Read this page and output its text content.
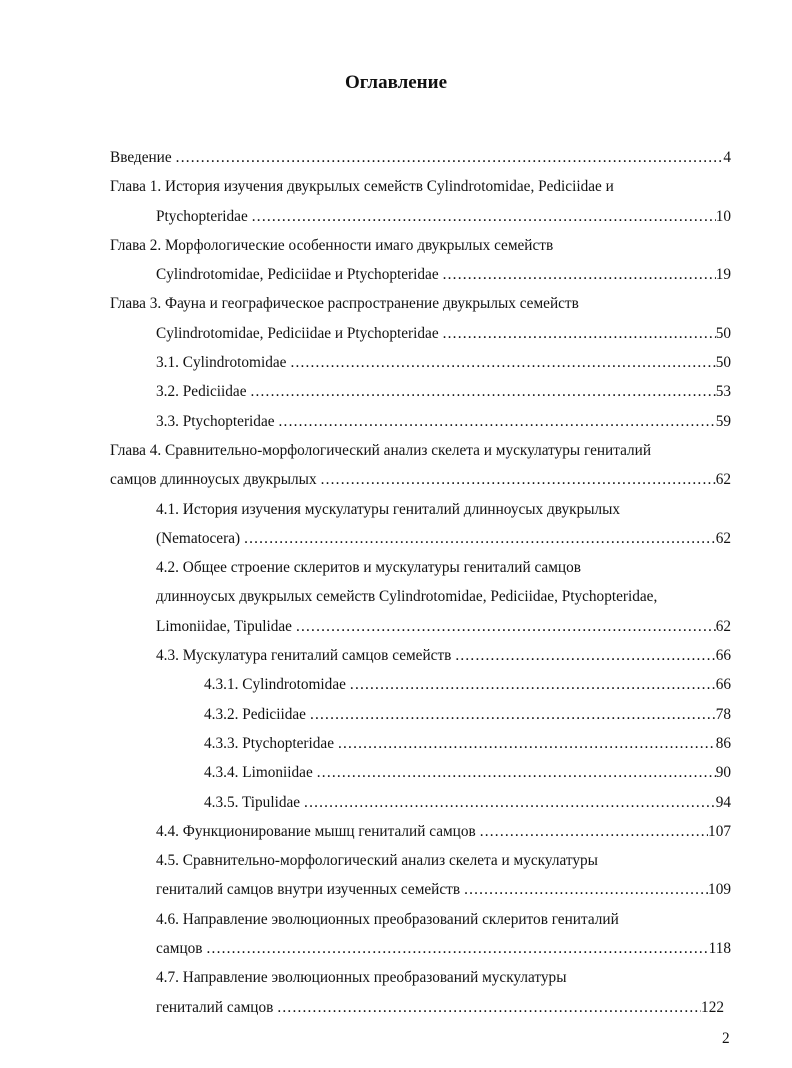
Оглавление
Введение .....	4
Глава 1. История изучения двукрылых семейств Cylindrotomidae, Pediciidae и
Ptychopteridae .....	10
Глава 2. Морфологические особенности имаго двукрылых семейств
Cylindrotomidae, Pediciidae и Ptychopteridae .....	19
Глава 3. Фауна и географическое распространение двукрылых семейств
Cylindrotomidae, Pediciidae и Ptychopteridae .....	50
3.1. Cylindrotomidae .....	50
3.2. Pediciidae .....	53
3.3. Ptychopteridae .....	59
Глава 4. Сравнительно-морфологический анализ скелета и мускулатуры гениталий
самцов длинноусых двукрылых .....	62
4.1. История изучения мускулатуры гениталий длинноусых двукрылых
(Nematocera) .....	62
4.2. Общее строение склеритов и мускулатуры гениталий самцов
длинноусых двукрылых семейств Cylindrotomidae, Pediciidae, Ptychopteridae,
Limoniidae, Tipulidae .....	62
4.3. Мускулатура гениталий самцов семейств .....	66
4.3.1. Cylindrotomidae .....	66
4.3.2. Pediciidae .....	78
4.3.3. Ptychopteridae .....	86
4.3.4. Limoniidae .....	90
4.3.5. Tipulidae .....	94
4.4. Функционирование мышц гениталий самцов .....	107
4.5. Сравнительно-морфологический анализ скелета и мускулатуры
гениталий самцов внутри изученных семейств .....	109
4.6. Направление эволюционных преобразований склеритов гениталий
самцов .....	118
4.7. Направление эволюционных преобразований мускулатуры
гениталий самцов .....	122
2
